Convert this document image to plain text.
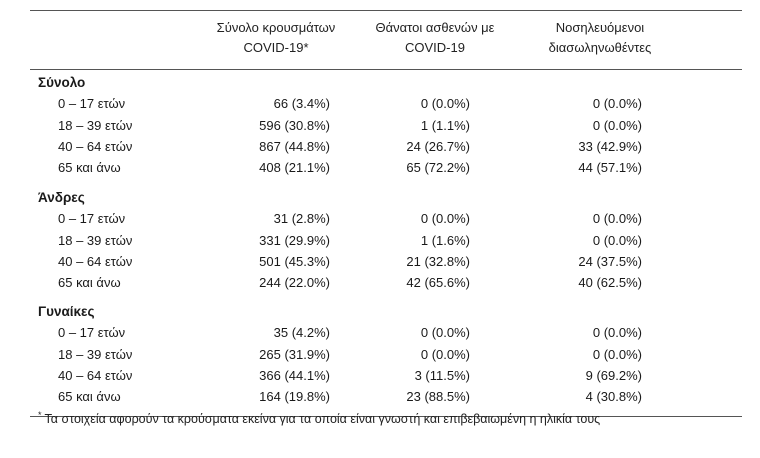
Σύνολο κρουσμάτων
COVID-19*
Θάνατοι ασθενών με
COVID-19
Νοσηλευόμενοι
διασωληνωθέντες
Σύνολο
0 – 17 ετών	66 (3.4%)	0 (0.0%)	0 (0.0%)
18 – 39 ετών	596 (30.8%)	1 (1.1%)	0 (0.0%)
40 – 64 ετών	867 (44.8%)	24 (26.7%)	33 (42.9%)
65 και άνω	408 (21.1%)	65 (72.2%)	44 (57.1%)
Άνδρες
0 – 17 ετών	31 (2.8%)	0 (0.0%)	0 (0.0%)
18 – 39 ετών	331 (29.9%)	1 (1.6%)	0 (0.0%)
40 – 64 ετών	501 (45.3%)	21 (32.8%)	24 (37.5%)
65 και άνω	244 (22.0%)	42 (65.6%)	40 (62.5%)
Γυναίκες
0 – 17 ετών	35 (4.2%)	0 (0.0%)	0 (0.0%)
18 – 39 ετών	265 (31.9%)	0 (0.0%)	0 (0.0%)
40 – 64 ετών	366 (44.1%)	3 (11.5%)	9 (69.2%)
65 και άνω	164 (19.8%)	23 (88.5%)	4 (30.8%)
* Τα στοιχεία αφορούν τα κρούσματα εκείνα για τα οποία είναι γνωστή και επιβεβαιωμένη η ηλικία τους
